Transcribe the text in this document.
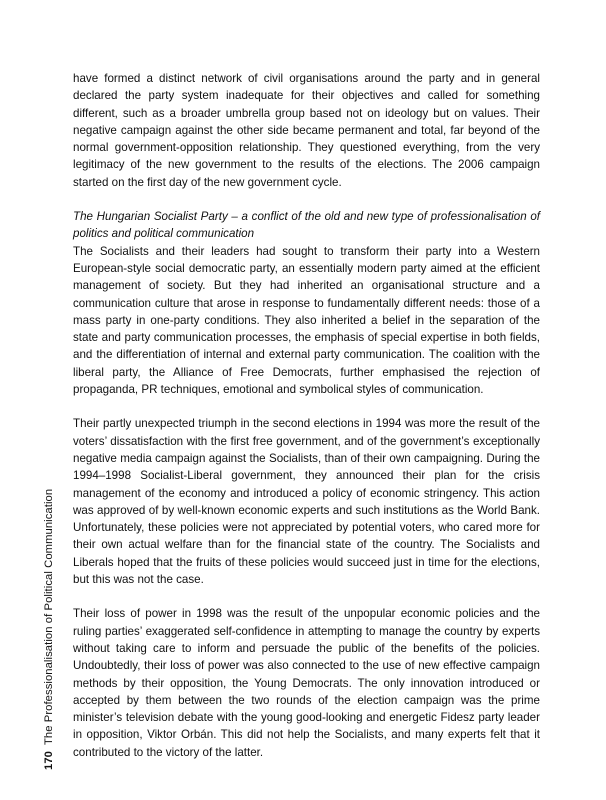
170The Professionalisation of Political Communication

have formed a distinct network of civil organisations around the party and in general declared the party system inadequate for their objectives and called for something different, such as a broader umbrella group based not on ideology but on values. Their negative campaign against the other side became permanent and total, far beyond of the normal government-opposition relationship. They questioned everything, from the very legitimacy of the new government to the results of the elections. The 2006 campaign started on the first day of the new government cycle.

The Hungarian Socialist Party – a conflict of the old and new type of professionalisation of politics and political communication

The Socialists and their leaders had sought to transform their party into a Western European-style social democratic party, an essentially modern party aimed at the efficient management of society. But they had inherited an organisational structure and a communication culture that arose in response to fundamentally different needs: those of a mass party in one-party conditions. They also inherited a belief in the separation of the state and party communication processes, the emphasis of special expertise in both fields, and the differentiation of internal and external party communication. The coalition with the liberal party, the Alliance of Free Democrats, further emphasised the rejection of propaganda, PR techniques, emotional and symbolical styles of communication.

Their partly unexpected triumph in the second elections in 1994 was more the result of the voters’ dissatisfaction with the first free government, and of the government’s exceptionally negative media campaign against the Socialists, than of their own campaigning. During the 1994–1998 Socialist-Liberal government, they announced their plan for the crisis management of the economy and introduced a policy of economic stringency. This action was approved of by well-known economic experts and such institutions as the World Bank. Unfortunately, these policies were not appreciated by potential voters, who cared more for their own actual welfare than for the financial state of the country. The Socialists and Liberals hoped that the fruits of these policies would succeed just in time for the elections, but this was not the case.

Their loss of power in 1998 was the result of the unpopular economic policies and the ruling parties’ exaggerated self-confidence in attempting to manage the country by experts without taking care to inform and persuade the public of the benefits of the policies. Undoubtedly, their loss of power was also connected to the use of new effective campaign methods by their opposition, the Young Democrats. The only innovation introduced or accepted by them between the two rounds of the election campaign was the prime minister’s television debate with the young good-looking and energetic Fidesz party leader in opposition, Viktor Orbán. This did not help the Socialists, and many experts felt that it contributed to the victory of the latter.
